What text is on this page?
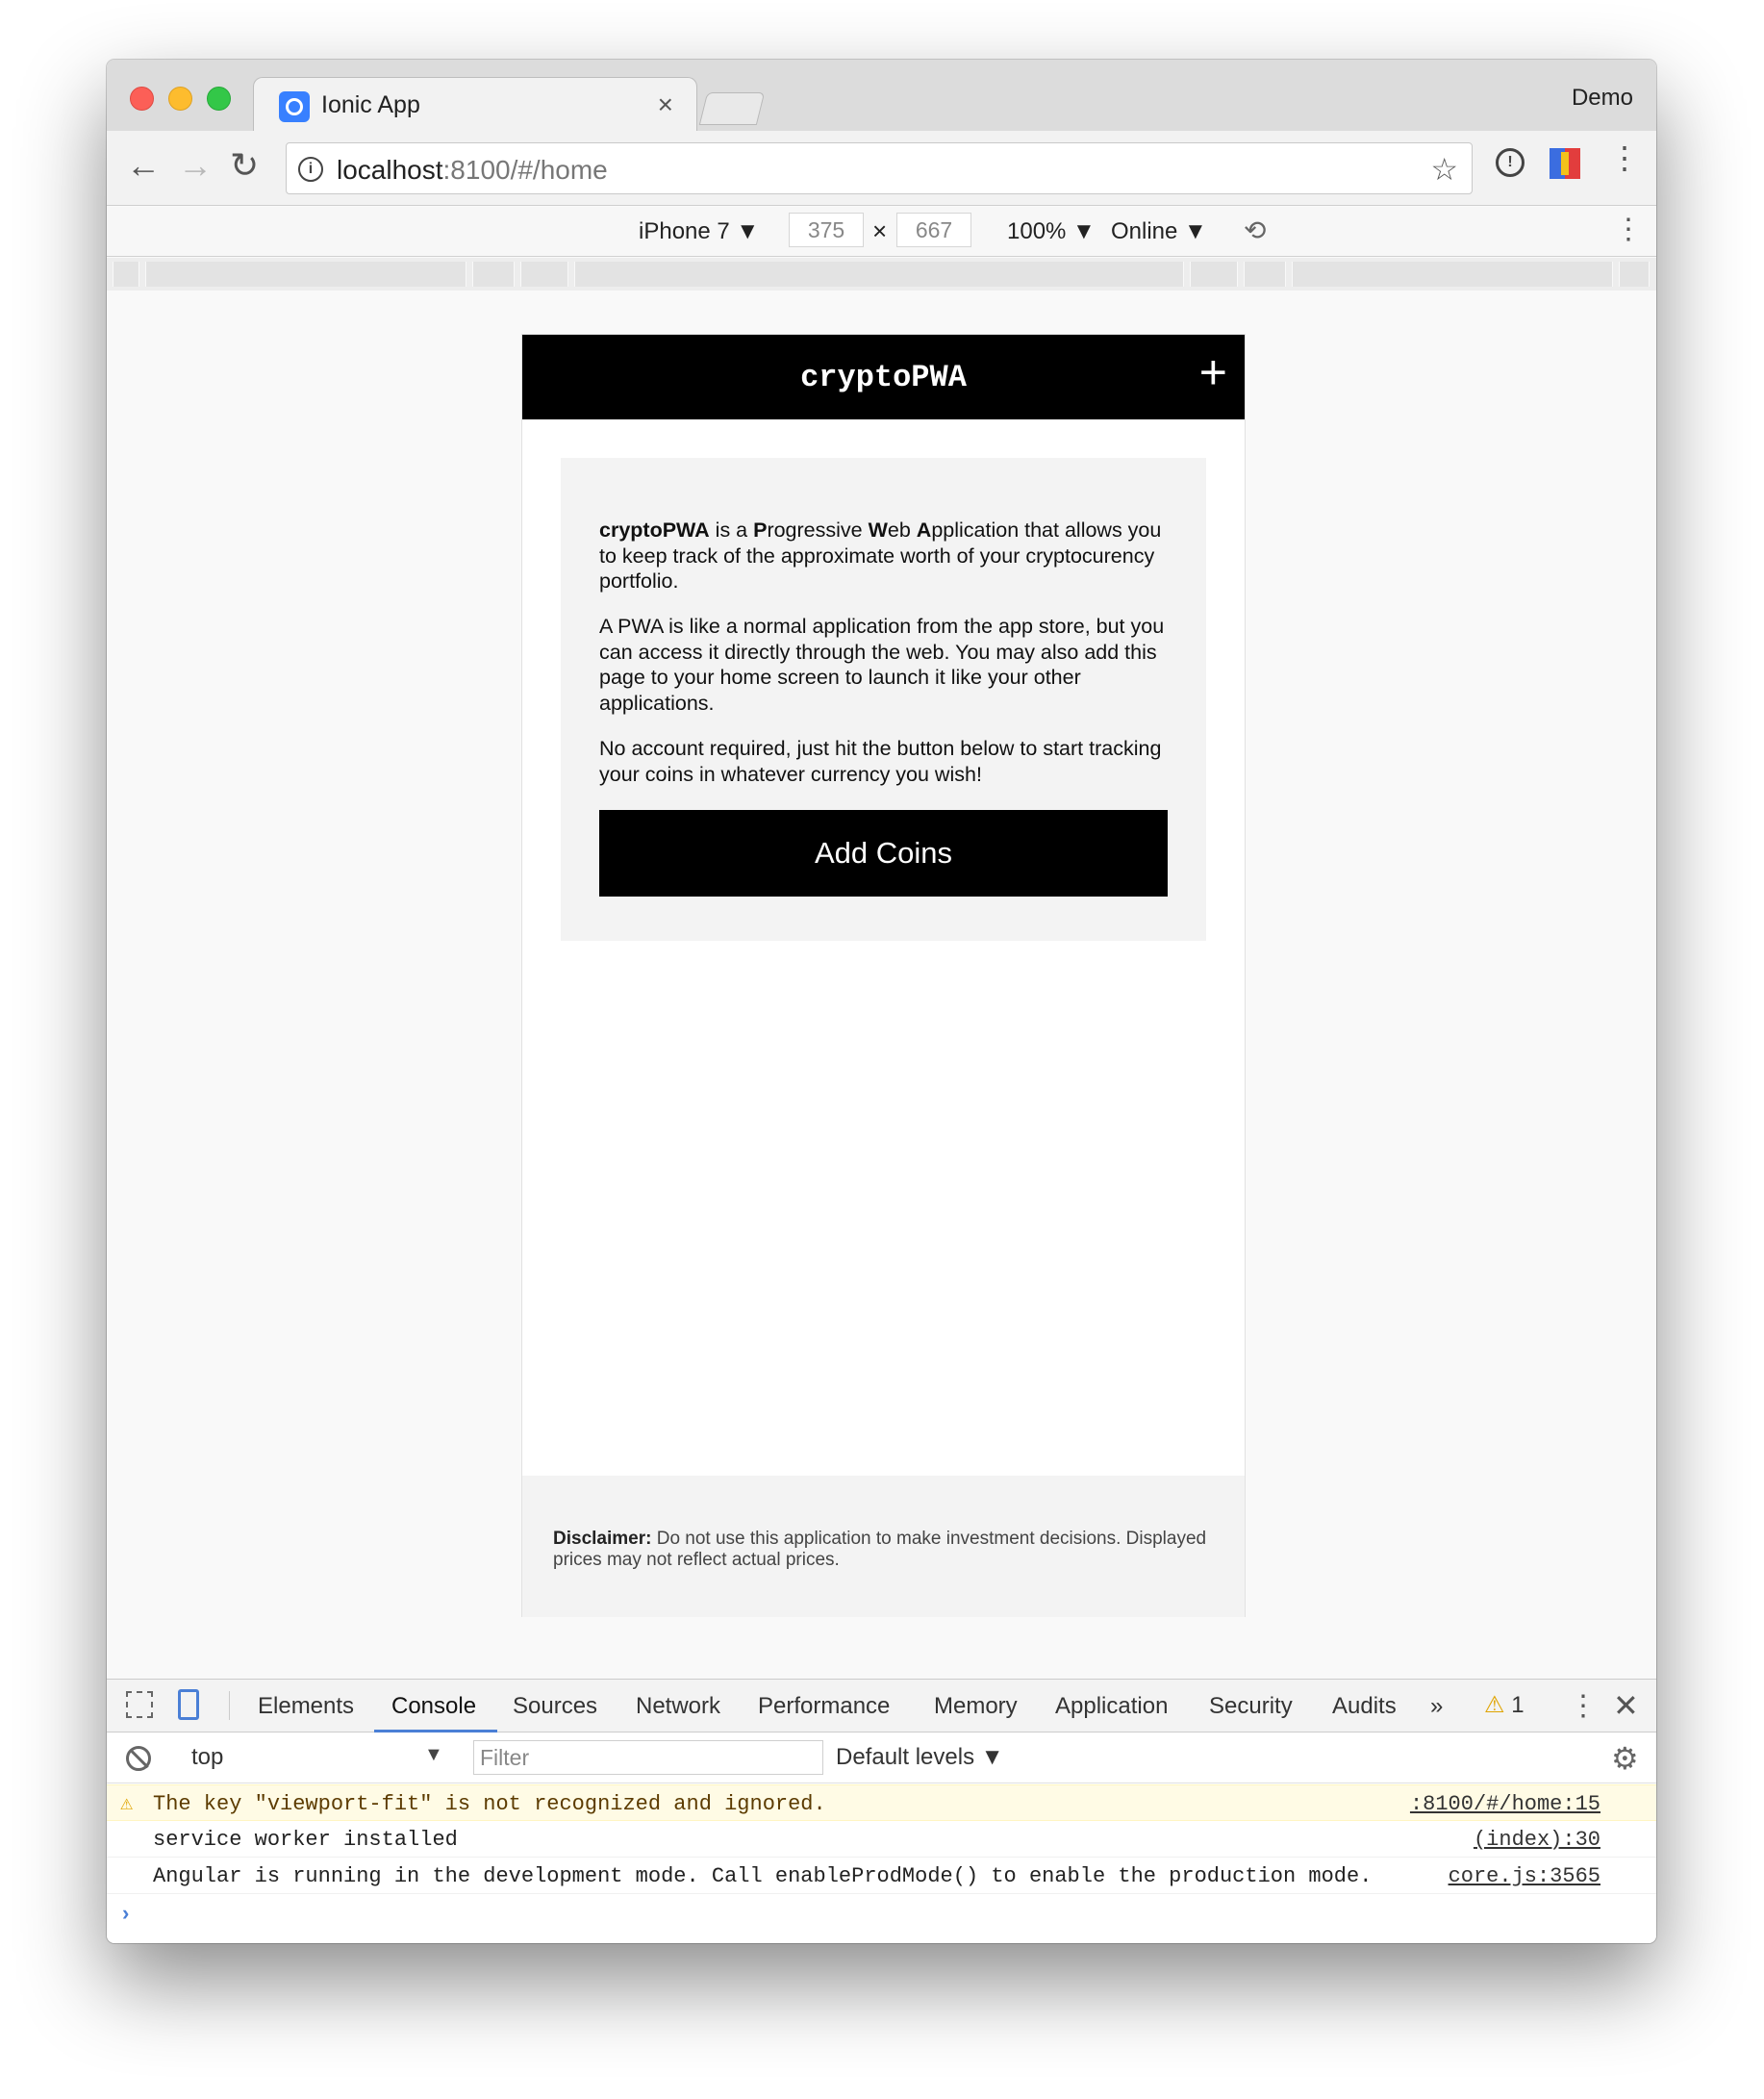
Ionic App	×	Demo
← → ↻	i localhost:8100/#/home	☆	!	⋮
iPhone 7 ▼	375	×	667	100% ▼ Online ▼ ⟲	⋮
cryptoPWA	+

cryptoPWA is a Progressive Web Application that allows you to keep track of the approximate worth of your cryptocurency portfolio.

A PWA is like a normal application from the app store, but you can access it directly through the web. You may also add this page to your home screen to launch it like your other applications.

No account required, just hit the button below to start tracking your coins in whatever currency you wish!

Add Coins

Disclaimer: Do not use this application to make investment decisions. Displayed prices may not reflect actual prices.

Elements Console Sources Network Performance Memory Application Security Audits » ⚠ 1 ⋮ ✕
top	▼	Filter	Default levels ▼	⚙
⚠ The key "viewport-fit" is not recognized and ignored.	:8100/#/home:15
service worker installed	(index):30
Angular is running in the development mode. Call enableProdMode() to enable the production mode.	core.js:3565
›
